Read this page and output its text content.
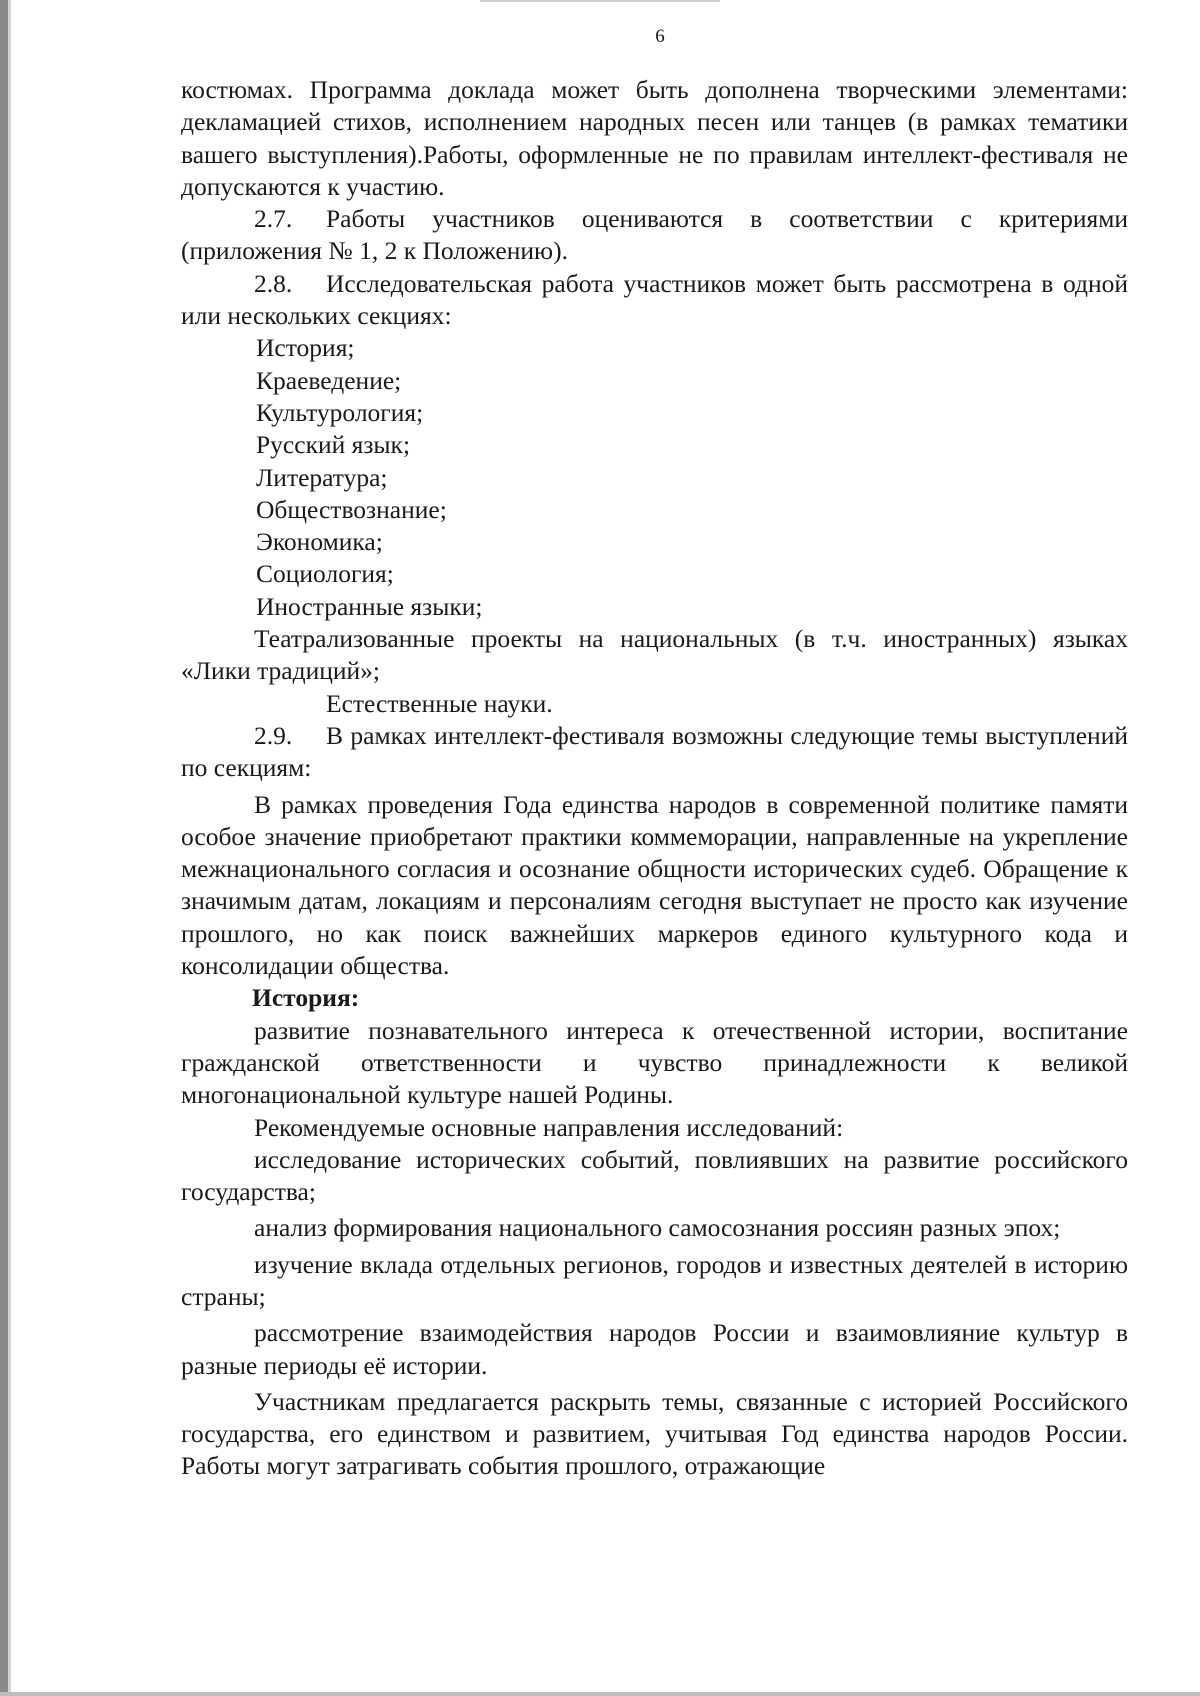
6

костюмах. Программа доклада может быть дополнена творческими элементами: декламацией стихов, исполнением народных песен или танцев (в рамках тематики вашего выступления).Работы, оформленные не по правилам интеллект-фестиваля не допускаются к участию.

2.7. Работы участников оцениваются в соответствии с критериями (приложения № 1, 2 к Положению).

2.8. Исследовательская работа участников может быть рассмотрена в одной или нескольких секциях:

История;

Краеведение;

Культурология;

Русский язык;

Литература;

Обществознание;

Экономика;

Социология;

Иностранные языки;

Театрализованные проекты на национальных (в т.ч. иностранных) языках «Лики традиций»;

Естественные науки.

2.9. В рамках интеллект-фестиваля возможны следующие темы выступлений по секциям:

В рамках проведения Года единства народов в современной политике памяти особое значение приобретают практики коммеморации, направленные на укрепление межнационального согласия и осознание общности исторических судеб. Обращение к значимым датам, локациям и персоналиям сегодня выступает не просто как изучение прошлого, но как поиск важнейших маркеров единого культурного кода и консолидации общества.

История:

развитие познавательного интереса к отечественной истории, воспитание гражданской ответственности и чувство принадлежности к великой многонациональной культуре нашей Родины.

Рекомендуемые основные направления исследований:

исследование исторических событий, повлиявших на развитие российского государства;

анализ формирования национального самосознания россиян разных эпох;

изучение вклада отдельных регионов, городов и известных деятелей в историю страны;

рассмотрение взаимодействия народов России и взаимовлияние культур в разные периоды её истории.

Участникам предлагается раскрыть темы, связанные с историей Российского государства, его единством и развитием, учитывая Год единства народов России. Работы могут затрагивать события прошлого, отражающие
